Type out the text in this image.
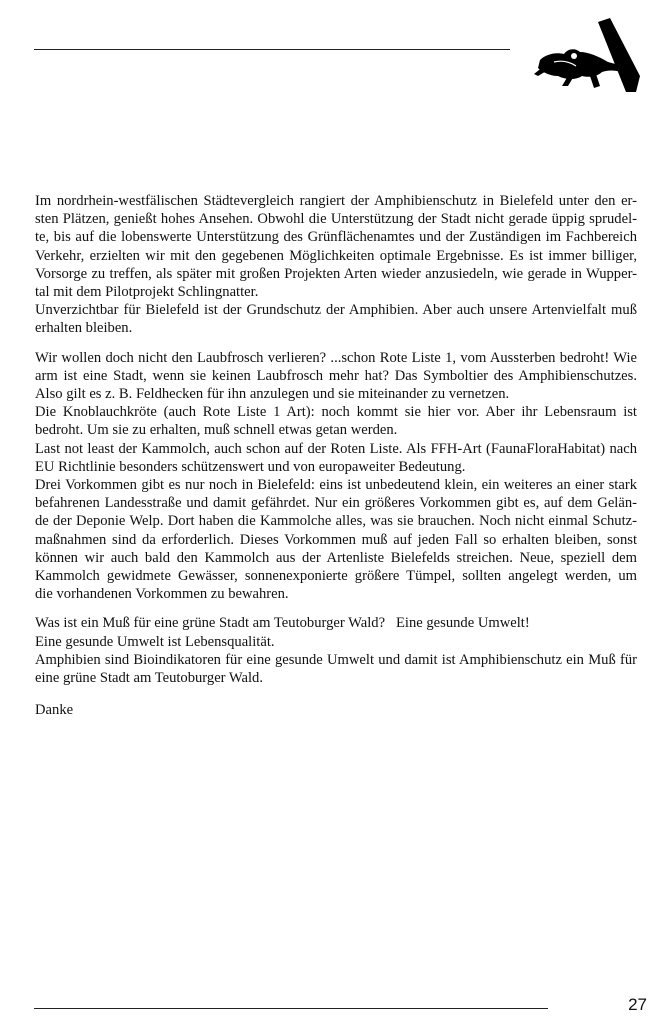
Im nordrhein-westfälischen Städtevergleich rangiert der Amphibienschutz in Bielefeld unter den er-
sten Plätzen, genießt hohes Ansehen. Obwohl die Unterstützung der Stadt nicht gerade üppig sprudel-
te, bis auf die lobenswerte Unterstützung des Grünflächenamtes und der Zuständigen im Fachbereich
Verkehr, erzielten wir mit den gegebenen Möglichkeiten optimale Ergebnisse. Es ist immer billiger,
Vorsorge zu treffen, als später mit großen Projekten Arten wieder anzusiedeln, wie gerade in Wupper-
tal mit dem Pilotprojekt Schlingnatter.
Unverzichtbar für Bielefeld ist der Grundschutz der Amphibien. Aber auch unsere Artenvielfalt muß
erhalten bleiben.

Wir wollen doch nicht den Laubfrosch verlieren? ...schon Rote Liste 1, vom Aussterben bedroht! Wie
arm ist eine Stadt, wenn sie keinen Laubfrosch mehr hat? Das Symboltier des Amphibienschutzes.
Also gilt es z. B. Feldhecken für ihn anzulegen und sie miteinander zu vernetzen.
Die Knoblauchkröte (auch Rote Liste 1 Art): noch kommt sie hier vor. Aber ihr Lebensraum ist
bedroht. Um sie zu erhalten, muß schnell etwas getan werden.
Last not least der Kammolch, auch schon auf der Roten Liste. Als FFH-Art (FaunaFloraHabitat) nach
EU Richtlinie besonders schützenswert und von europaweiter Bedeutung.
Drei Vorkommen gibt es nur noch in Bielefeld: eins ist unbedeutend klein, ein weiteres an einer stark
befahrenen Landesstraße und damit gefährdet. Nur ein größeres Vorkommen gibt es, auf dem Gelän-
de der Deponie Welp. Dort haben die Kammolche alles, was sie brauchen. Noch nicht einmal Schutz-
maßnahmen sind da erforderlich. Dieses Vorkommen muß auf jeden Fall so erhalten bleiben, sonst
können wir auch bald den Kammolch aus der Artenliste Bielefelds streichen. Neue, speziell dem
Kammolch gewidmete Gewässer, sonnenexponierte größere Tümpel, sollten angelegt werden, um
die vorhandenen Vorkommen zu bewahren.

Was ist ein Muß für eine grüne Stadt am Teutoburger Wald?   Eine gesunde Umwelt!
Eine gesunde Umwelt ist Lebensqualität.
Amphibien sind Bioindikatoren für eine gesunde Umwelt und damit ist Amphibienschutz ein Muß für
eine grüne Stadt am Teutoburger Wald.

Danke

27
